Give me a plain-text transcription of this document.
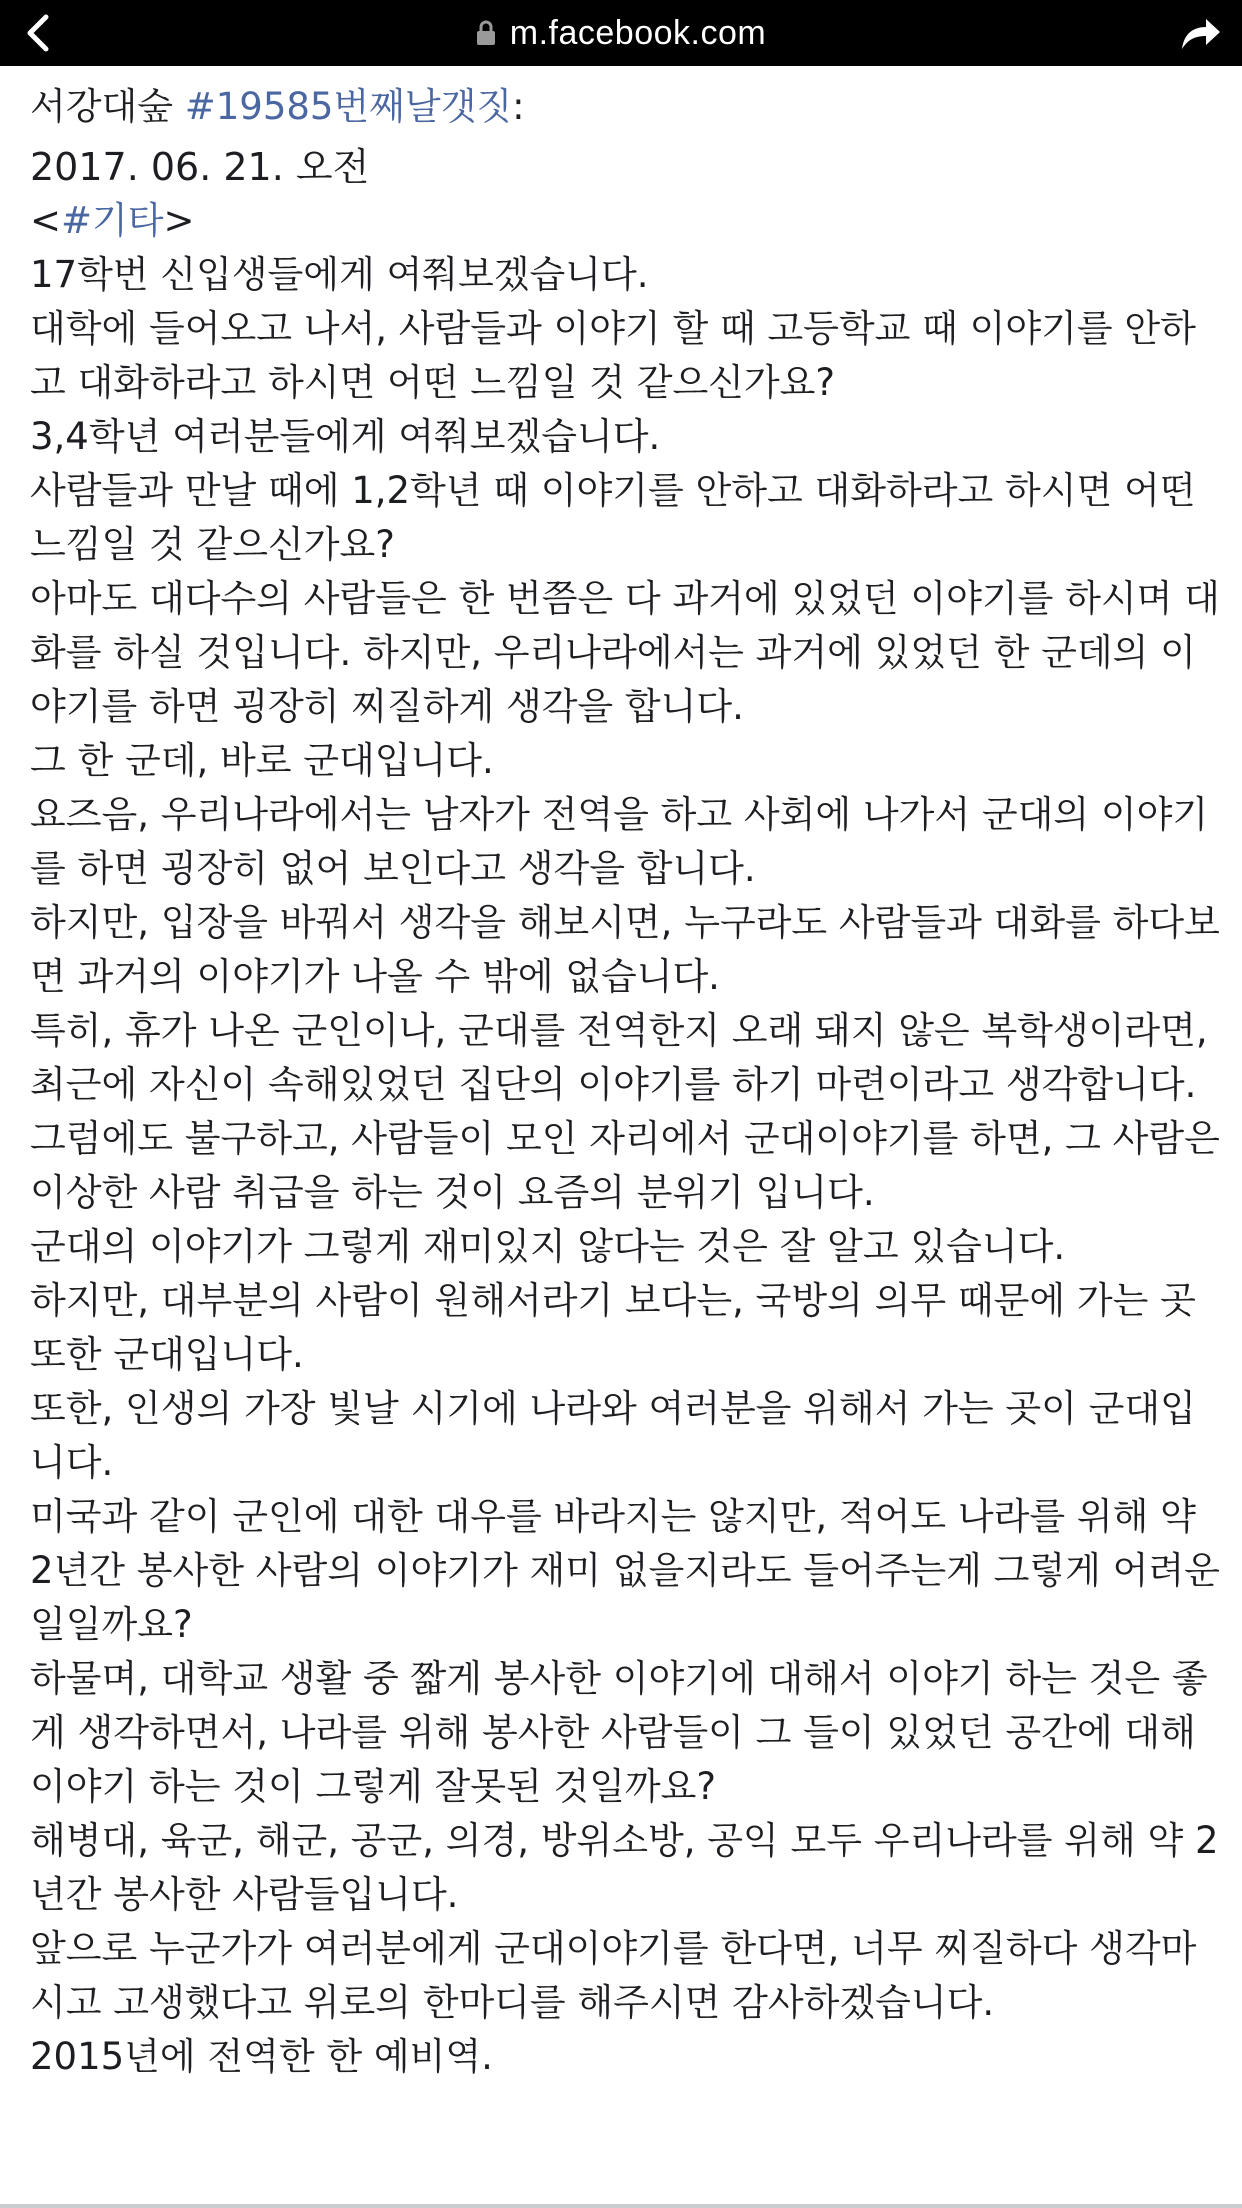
m.facebook.com
서강대숲
#19585번째날갯짓 :
2017. 06. 21. 오전
<#기타>
17학번 신입생들에게 여쭤보겠습니다.
대학에 들어오고 나서, 사람들과 이야기 할 때 고등학교 때 이야기를 안하고 대화하라고 하시면 어떤 느낌일 것 같으신가요?
3,4학년 여러분들에게 여쭤보겠습니다.
사람들과 만날 때에 1,2학년 때 이야기를 안하고 대화하라고 하시면 어떤 느낌일 것 같으신가요?
아마도 대다수의 사람들은 한 번쯤은 다 과거에 있었던 이야기를 하시며 대화를 하실 것입니다. 하지만, 우리나라에서는 과거에 있었던 한 군데의 이야기를 하면 굉장히 찌질하게 생각을 합니다.
그 한 군데, 바로 군대입니다.
요즈음, 우리나라에서는 남자가 전역을 하고 사회에 나가서 군대의 이야기를 하면 굉장히 없어 보인다고 생각을 합니다.
하지만, 입장을 바꿔서 생각을 해보시면, 누구라도 사람들과 대화를 하다보면 과거의 이야기가 나올 수 밖에 없습니다.
특히, 휴가 나온 군인이나, 군대를 전역한지 오래 돼지 않은 복학생이라면, 최근에 자신이 속해있었던 집단의 이야기를 하기 마련이라고 생각합니다.
그럼에도 불구하고, 사람들이 모인 자리에서 군대이야기를 하면, 그 사람은 이상한 사람 취급을 하는 것이 요즘의 분위기 입니다.
군대의 이야기가 그렇게 재미있지 않다는 것은 잘 알고 있습니다.
하지만, 대부분의 사람이 원해서라기 보다는, 국방의 의무 때문에 가는 곳 또한 군대입니다.
또한, 인생의 가장 빛날 시기에 나라와 여러분을 위해서 가는 곳이 군대입니다.
미국과 같이 군인에 대한 대우를 바라지는 않지만, 적어도 나라를 위해 약 2년간 봉사한 사람의 이야기가 재미 없을지라도 들어주는게 그렇게 어려운 일일까요?
하물며, 대학교 생활 중 짧게 봉사한 이야기에 대해서 이야기 하는 것은 좋게 생각하면서, 나라를 위해 봉사한 사람들이 그 들이 있었던 공간에 대해 이야기 하는 것이 그렇게 잘못된 것일까요?
해병대, 육군, 해군, 공군, 의경, 방위소방, 공익 모두 우리나라를 위해 약 2년간 봉사한 사람들입니다.
앞으로 누군가가 여러분에게 군대이야기를 한다면, 너무 찌질하다 생각마시고 고생했다고 위로의 한마디를 해주시면 감사하겠습니다.
2015년에 전역한 한 예비역.
